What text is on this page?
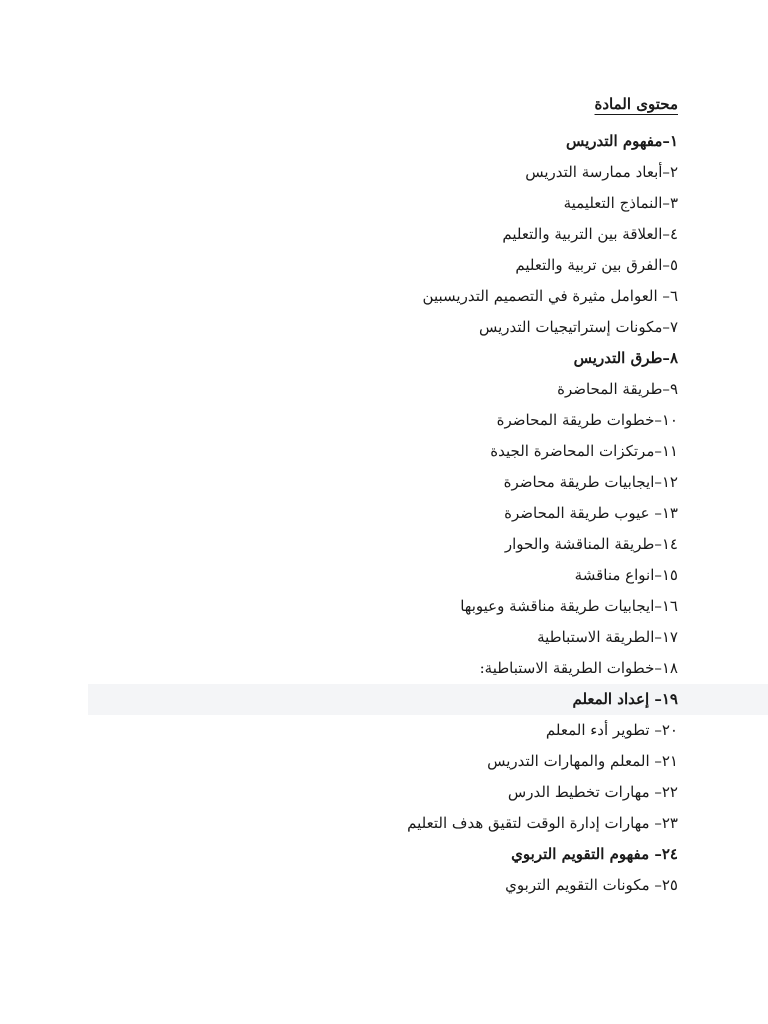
محتوى المادة
١–مفهوم التدريس
٢–أبعاد ممارسة التدريس
٣–النماذج التعليمية
٤–العلاقة بين التربية والتعليم
٥–الفرق بين تربية والتعليم
٦– العوامل مثيرة في التصميم التدريسبين
٧–مكونات إستراتيجيات التدريس
٨–طرق التدريس
٩–طريقة المحاضرة
١٠–خطوات طريقة المحاضرة
١١–مرتكزات المحاضرة الجيدة
١٢–ايجابيات طريقة محاضرة
١٣– عيوب طريقة المحاضرة
١٤–طريقة المناقشة والحوار
١٥–انواع مناقشة
١٦–ايجابيات طريقة مناقشة وعيوبها
١٧–الطريقة الاستباطية
١٨–خطوات الطريقة الاستباطية:
١٩– إعداد المعلم
٢٠– تطوير أدء المعلم
٢١– المعلم والمهارات التدريس
٢٢– مهارات تخطيط الدرس
٢٣– مهارات إدارة الوقت لتقيق هدف التعليم
٢٤– مفهوم التقويم التربوي
٢٥– مكونات التقويم التربوي
